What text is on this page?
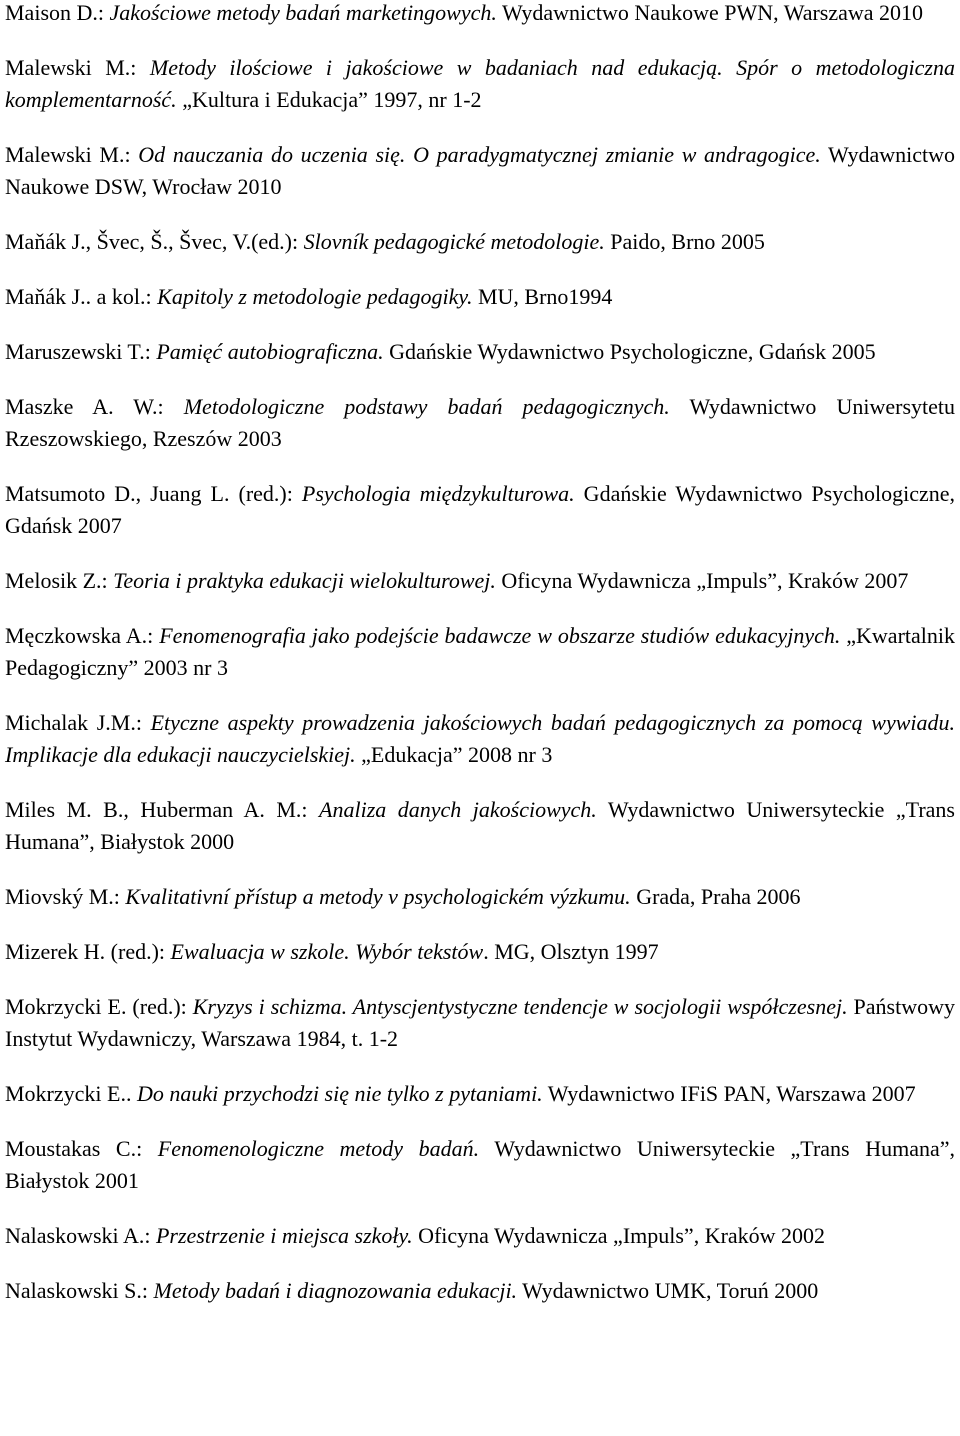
Maison D.: Jakościowe metody badań marketingowych. Wydawnictwo Naukowe PWN, Warszawa 2010

Malewski M.: Metody ilościowe i jakościowe w badaniach nad edukacją. Spór o metodologiczna komplementarność. „Kultura i Edukacja” 1997, nr 1-2

Malewski M.: Od nauczania do uczenia się. O paradygmatycznej zmianie w andragogice. Wydawnictwo Naukowe DSW, Wrocław 2010

Maňák J., Švec, Š., Švec, V.(ed.): Slovník pedagogické metodologie. Paido, Brno 2005

Maňák J.. a kol.: Kapitoly z metodologie pedagogiky. MU, Brno1994

Maruszewski T.: Pamięć autobiograficzna. Gdańskie Wydawnictwo Psychologiczne, Gdańsk 2005

Maszke A. W.: Metodologiczne podstawy badań pedagogicznych. Wydawnictwo Uniwersytetu Rzeszowskiego, Rzeszów 2003

Matsumoto D., Juang L. (red.): Psychologia międzykulturowa. Gdańskie Wydawnictwo Psychologiczne, Gdańsk 2007

Melosik Z.: Teoria i praktyka edukacji wielokulturowej. Oficyna Wydawnicza „Impuls”, Kraków 2007

Męczkowska A.: Fenomenografia jako podejście badawcze w obszarze studiów edukacyjnych. „Kwartalnik Pedagogiczny” 2003 nr 3

Michalak J.M.: Etyczne aspekty prowadzenia jakościowych badań pedagogicznych za pomocą wywiadu. Implikacje dla edukacji nauczycielskiej. „Edukacja” 2008 nr 3

Miles M. B., Huberman A. M.: Analiza danych jakościowych. Wydawnictwo Uniwersyteckie „Trans Humana”, Białystok 2000

Miovský M.: Kvalitativní přístup a metody v psychologickém výzkumu. Grada, Praha 2006

Mizerek H. (red.): Ewaluacja w szkole. Wybór tekstów. MG, Olsztyn 1997

Mokrzycki E. (red.): Kryzys i schizma. Antyscjentystyczne tendencje w socjologii współczesnej. Państwowy Instytut Wydawniczy, Warszawa 1984, t. 1-2

Mokrzycki E.. Do nauki przychodzi się nie tylko z pytaniami. Wydawnictwo IFiS PAN, Warszawa 2007

Moustakas C.: Fenomenologiczne metody badań. Wydawnictwo Uniwersyteckie „Trans Humana”, Białystok 2001

Nalaskowski A.: Przestrzenie i miejsca szkoły. Oficyna Wydawnicza „Impuls”, Kraków 2002

Nalaskowski S.: Metody badań i diagnozowania edukacji. Wydawnictwo UMK, Toruń 2000
